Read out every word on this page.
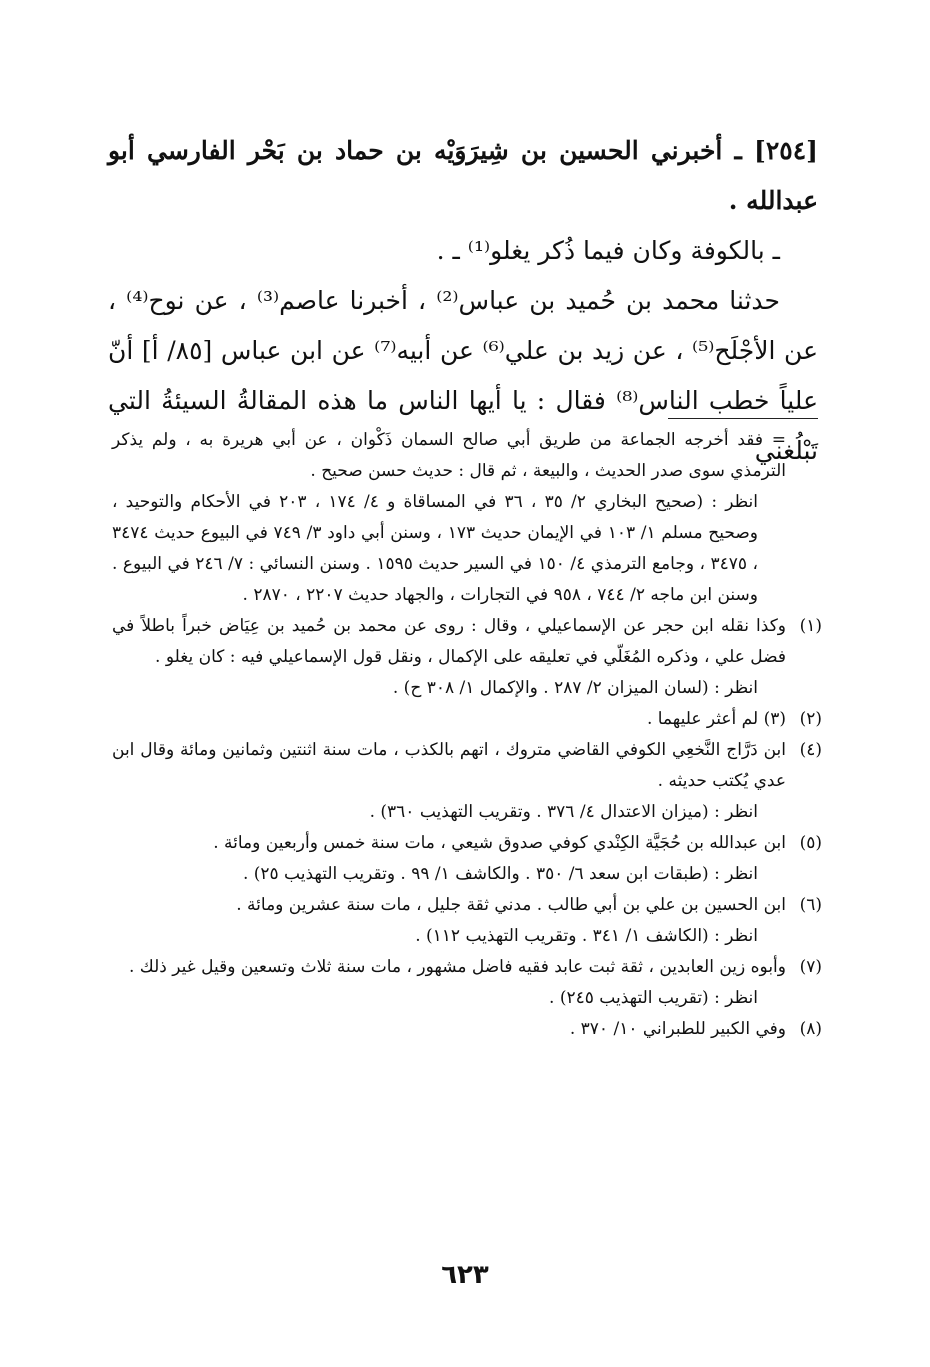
[٢٥٤] ـ أخبرني الحسين بن شِيرَوَيْه بن حماد بن بَحْر الفارسي أبو عبدالله .

ـ بالكوفة وكان فيما ذُكر يغلو⁽¹⁾ ـ .

حدثنا محمد بن حُميد بن عباس⁽²⁾ ، أخبرنا عاصم⁽³⁾ ، عن نوح⁽⁴⁾ ، عن الأجْلَح⁽⁵⁾ ، عن زيد بن علي⁽⁶⁾ عن أبيه⁽⁷⁾ عن ابن عباس [٨٥/ أ] أنّ علياً خطب الناس⁽⁸⁾ فقال : يا أيها الناس ما هذه المقالةُ السيئةُ التي تَبْلُغني

= فقد أخرجه الجماعة من طريق أبي صالح السمان ذَكْوان ، عن أبي هريرة به ، ولم يذكر الترمذي سوى صدر الحديث ، والبيعة ، ثم قال : حديث حسن صحيح .
انظر : (صحيح البخاري ٢/ ٣٥ ، ٣٦ في المساقاة و ٤/ ١٧٤ ، ٢٠٣ في الأحكام والتوحيد ، وصحيح مسلم ١/ ١٠٣ في الإيمان حديث ١٧٣ ، وسنن أبي داود ٣/ ٧٤٩ في البيوع حديث ٣٤٧٤ ، ٣٤٧٥ ، وجامع الترمذي ٤/ ١٥٠ في السير حديث ١٥٩٥ . وسنن النسائي : ٧/ ٢٤٦ في البيوع . وسنن ابن ماجه ٢/ ٧٤٤ ، ٩٥٨ في التجارات ، والجهاد حديث ٢٢٠٧ ، ٢٨٧٠ .
(١)
وكذا نقله ابن حجر عن الإسماعيلي ، وقال : روى عن محمد بن حُميد بن عِيَاض خبراً باطلاً في فضل علي ، وذكره المُغَلّي في تعليقه على الإكمال ، ونقل قول الإسماعيلي فيه : كان يغلو .
انظر : (لسان الميزان ٢/ ٢٨٧ . والإكمال ١/ ٣٠٨ ح) .
(٢)
(٣) لم أعثر عليهما .
(٤)
ابن دَرَّاج النَّخعِي الكوفي القاضي متروك ، اتهم بالكذب ، مات سنة اثنتين وثمانين ومائة وقال ابن عدي يُكتب حديثه .
انظر : (ميزان الاعتدال ٤/ ٣٧٦ . وتقريب التهذيب ٣٦٠) .
(٥)
ابن عبدالله بن حُجَيَّة الكِنْدي كوفي صدوق شيعي ، مات سنة خمس وأربعين ومائة .
انظر : (طبقات ابن سعد ٦/ ٣٥٠ . والكاشف ١/ ٩٩ . وتقريب التهذيب ٢٥) .
(٦)
ابن الحسين بن علي بن أبي طالب . مدني ثقة جليل ، مات سنة عشرين ومائة .
انظر : (الكاشف ١/ ٣٤١ . وتقريب التهذيب ١١٢) .
(٧)
وأبوه زين العابدين ، ثقة ثبت عابد فقيه فاضل مشهور ، مات سنة ثلاث وتسعين وقيل غير ذلك .
انظر : (تقريب التهذيب ٢٤٥) .
(٨)
وفي الكبير للطبراني ١٠/ ٣٧٠ .
٦٢٣
